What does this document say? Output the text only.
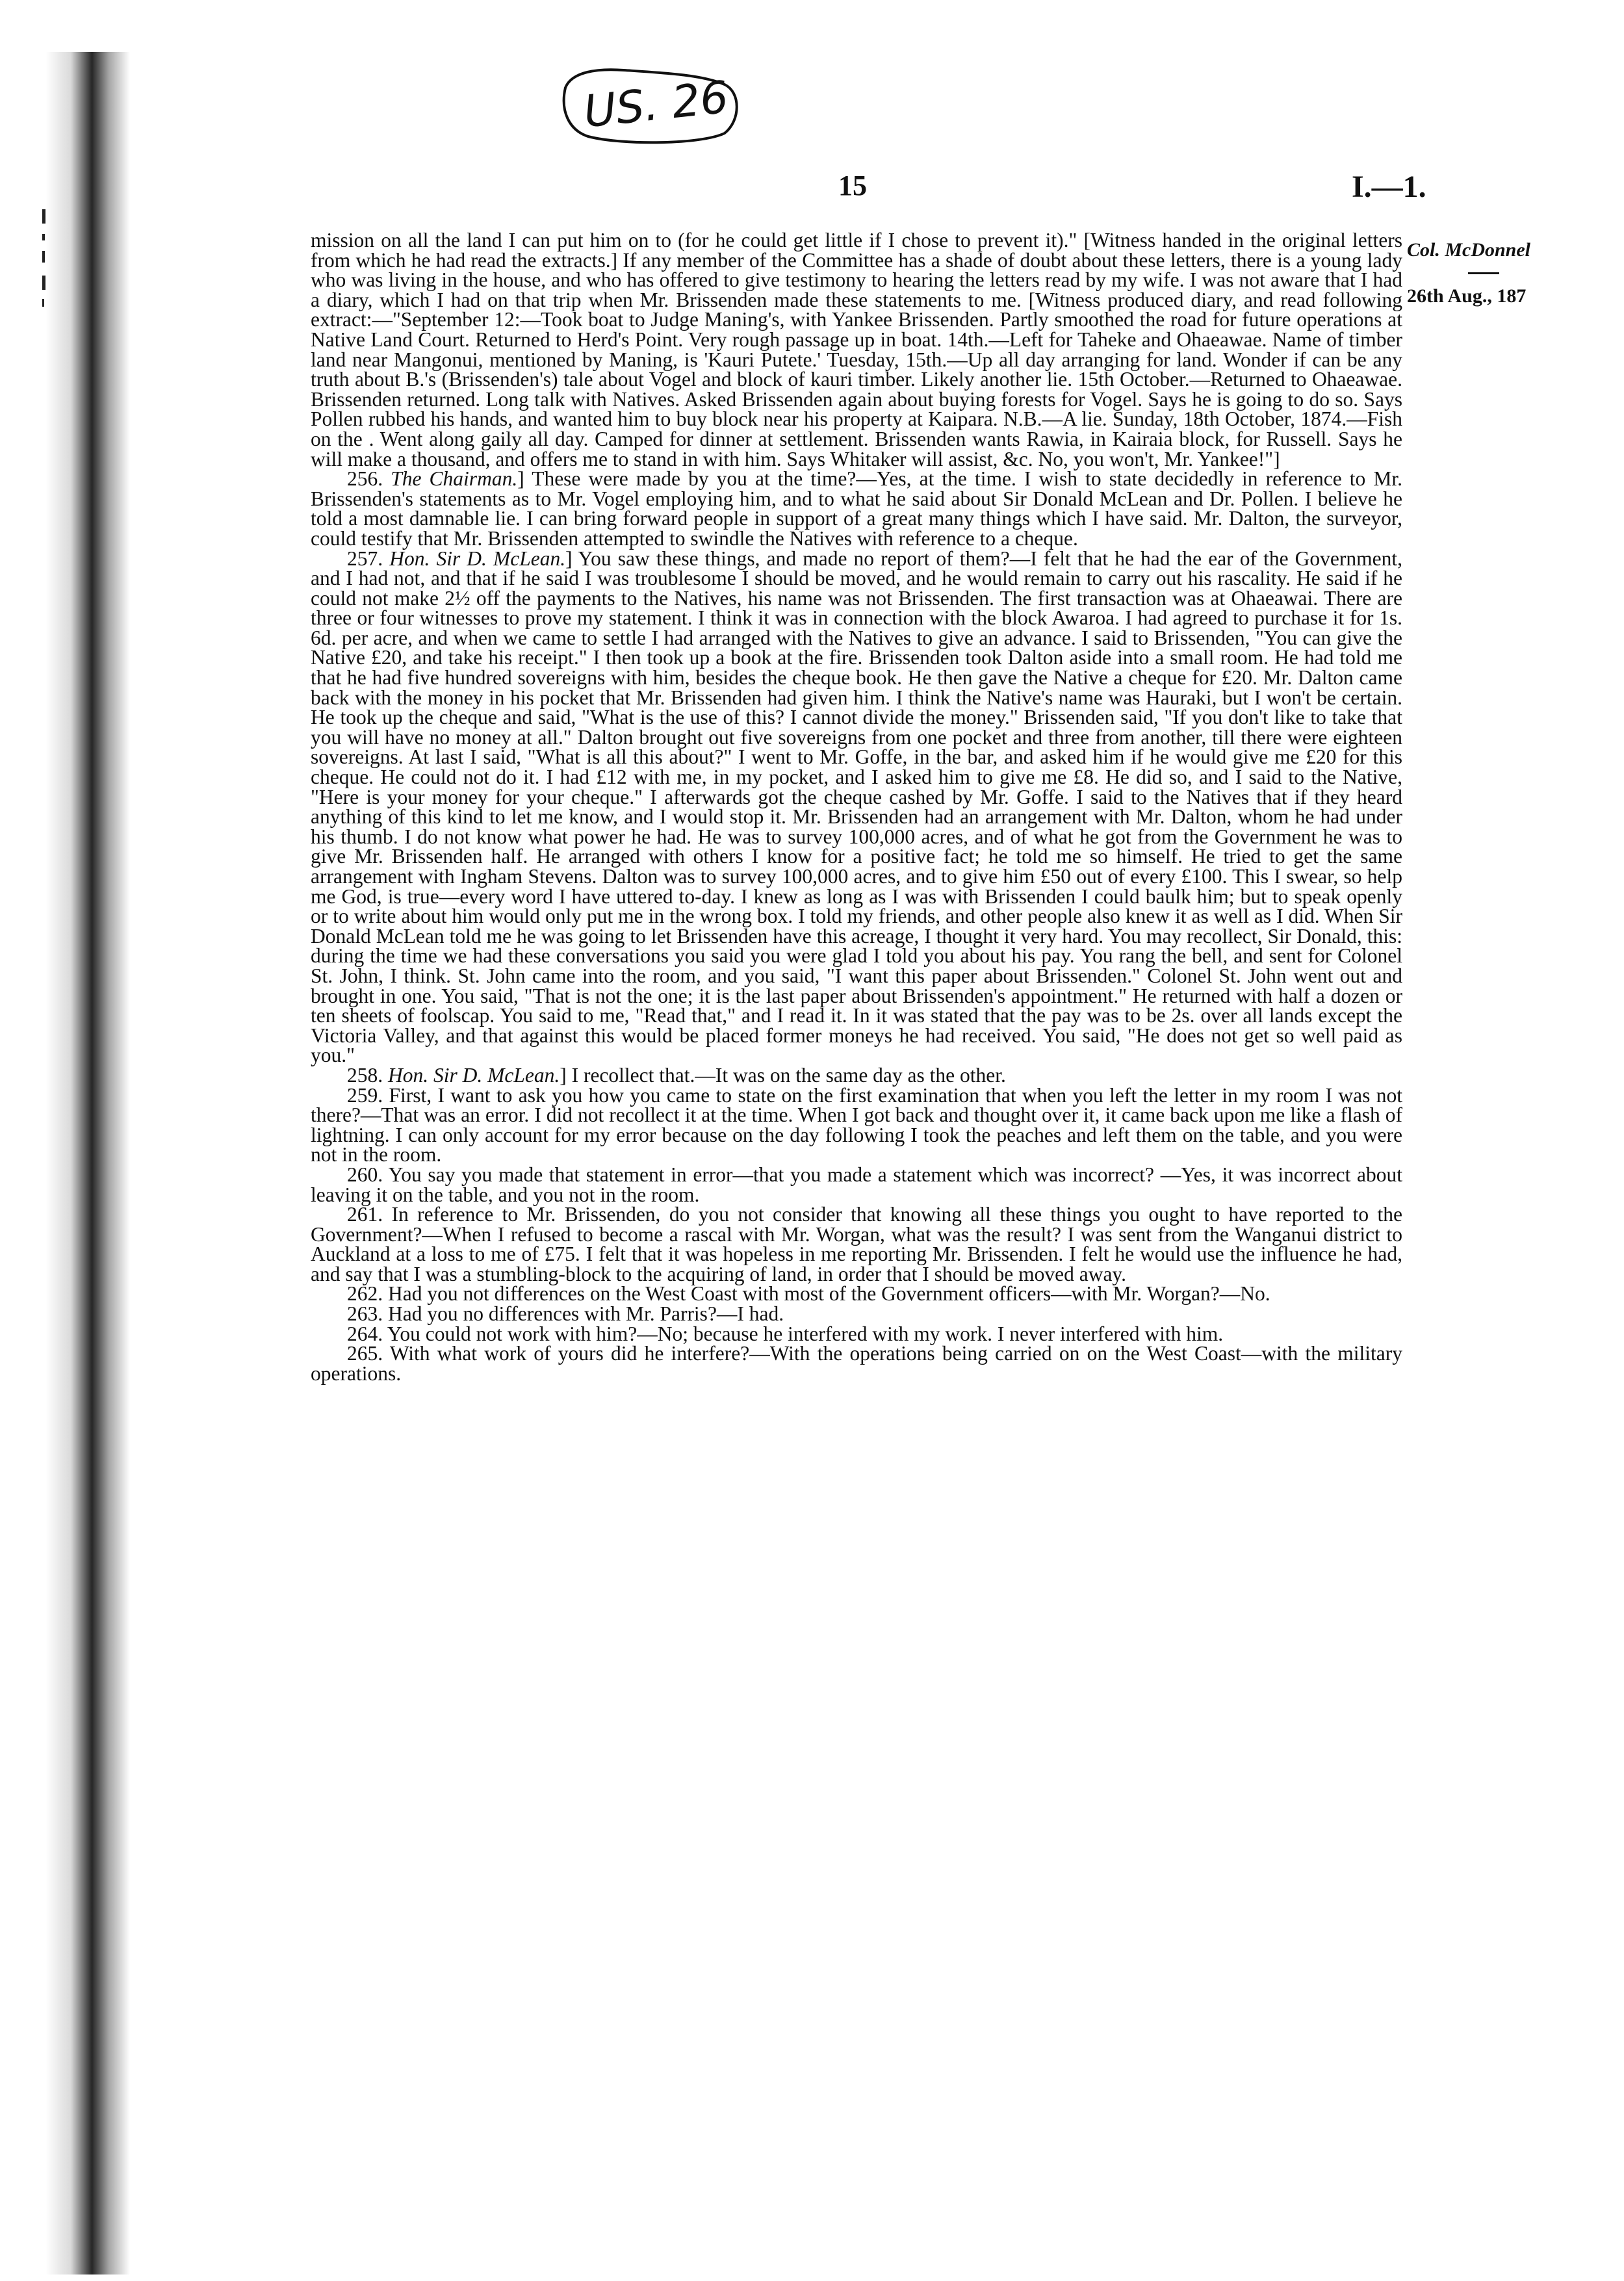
US. 26
15	I.—1.
Col. McDonnel
26th Aug., 187

mission on all the land I can put him on to (for he could get little if I chose to prevent it)." [Witness handed in the original letters from which he had read the extracts.] If any member of the Committee has a shade of doubt about these letters, there is a young lady who was living in the house, and who has offered to give testimony to hearing the letters read by my wife. I was not aware that I had a diary, which I had on that trip when Mr. Brissenden made these statements to me. [Witness produced diary, and read following extract:—"September 12:—Took boat to Judge Maning's, with Yankee Brissenden. Partly smoothed the road for future operations at Native Land Court. Returned to Herd's Point. Very rough passage up in boat. 14th.—Left for Taheke and Ohaeawae. Name of timber land near Mangonui, mentioned by Maning, is 'Kauri Putete.' Tuesday, 15th.—Up all day arranging for land. Wonder if can be any truth about B.'s (Brissenden's) tale about Vogel and block of kauri timber. Likely another lie. 15th October.—Returned to Ohaeawae. Brissenden returned. Long talk with Natives. Asked Brissenden again about buying forests for Vogel. Says he is going to do so. Says Pollen rubbed his hands, and wanted him to buy block near his property at Kaipara. N.B.—A lie. Sunday, 18th October, 1874.—Fish on the . Went along gaily all day. Camped for dinner at settlement. Brissenden wants Rawia, in Kairaia block, for Russell. Says he will make a thousand, and offers me to stand in with him. Says Whitaker will assist, &c. No, you won't, Mr. Yankee!"]

256. The Chairman.] These were made by you at the time?—Yes, at the time. I wish to state decidedly in reference to Mr. Brissenden's statements as to Mr. Vogel employing him, and to what he said about Sir Donald McLean and Dr. Pollen. I believe he told a most damnable lie. I can bring forward people in support of a great many things which I have said. Mr. Dalton, the surveyor, could testify that Mr. Brissenden attempted to swindle the Natives with reference to a cheque.

257. Hon. Sir D. McLean.] You saw these things, and made no report of them?—I felt that he had the ear of the Government, and I had not, and that if he said I was troublesome I should be moved, and he would remain to carry out his rascality. He said if he could not make 2½ off the payments to the Natives, his name was not Brissenden. The first transaction was at Ohaeawai. There are three or four witnesses to prove my statement. I think it was in connection with the block Awaroa. I had agreed to purchase it for 1s. 6d. per acre, and when we came to settle I had arranged with the Natives to give an advance. I said to Brissenden, "You can give the Native £20, and take his receipt." I then took up a book at the fire. Brissenden took Dalton aside into a small room. He had told me that he had five hundred sovereigns with him, besides the cheque book. He then gave the Native a cheque for £20. Mr. Dalton came back with the money in his pocket that Mr. Brissenden had given him. I think the Native's name was Hauraki, but I won't be certain. He took up the cheque and said, "What is the use of this? I cannot divide the money." Brissenden said, "If you don't like to take that you will have no money at all." Dalton brought out five sovereigns from one pocket and three from another, till there were eighteen sovereigns. At last I said, "What is all this about?" I went to Mr. Goffe, in the bar, and asked him if he would give me £20 for this cheque. He could not do it. I had £12 with me, in my pocket, and I asked him to give me £8. He did so, and I said to the Native, "Here is your money for your cheque." I afterwards got the cheque cashed by Mr. Goffe. I said to the Natives that if they heard anything of this kind to let me know, and I would stop it. Mr. Brissenden had an arrangement with Mr. Dalton, whom he had under his thumb. I do not know what power he had. He was to survey 100,000 acres, and of what he got from the Government he was to give Mr. Brissenden half. He arranged with others I know for a positive fact; he told me so himself. He tried to get the same arrangement with Ingham Stevens. Dalton was to survey 100,000 acres, and to give him £50 out of every £100. This I swear, so help me God, is true—every word I have uttered to-day. I knew as long as I was with Brissenden I could baulk him; but to speak openly or to write about him would only put me in the wrong box. I told my friends, and other people also knew it as well as I did. When Sir Donald McLean told me he was going to let Brissenden have this acreage, I thought it very hard. You may recollect, Sir Donald, this: during the time we had these conversations you said you were glad I told you about his pay. You rang the bell, and sent for Colonel St. John, I think. St. John came into the room, and you said, "I want this paper about Brissenden." Colonel St. John went out and brought in one. You said, "That is not the one; it is the last paper about Brissenden's appointment." He returned with half a dozen or ten sheets of foolscap. You said to me, "Read that," and I read it. In it was stated that the pay was to be 2s. over all lands except the Victoria Valley, and that against this would be placed former moneys he had received. You said, "He does not get so well paid as you."

258. Hon. Sir D. McLean.] I recollect that.—It was on the same day as the other.

259. First, I want to ask you how you came to state on the first examination that when you left the letter in my room I was not there?—That was an error. I did not recollect it at the time. When I got back and thought over it, it came back upon me like a flash of lightning. I can only account for my error because on the day following I took the peaches and left them on the table, and you were not in the room.

260. You say you made that statement in error—that you made a statement which was incorrect? —Yes, it was incorrect about leaving it on the table, and you not in the room.

261. In reference to Mr. Brissenden, do you not consider that knowing all these things you ought to have reported to the Government?—When I refused to become a rascal with Mr. Worgan, what was the result? I was sent from the Wanganui district to Auckland at a loss to me of £75. I felt that it was hopeless in me reporting Mr. Brissenden. I felt he would use the influence he had, and say that I was a stumbling-block to the acquiring of land, in order that I should be moved away.

262. Had you not differences on the West Coast with most of the Government officers—with Mr. Worgan?—No.

263. Had you no differences with Mr. Parris?—I had.

264. You could not work with him?—No; because he interfered with my work. I never interfered with him.

265. With what work of yours did he interfere?—With the operations being carried on on the West Coast—with the military operations.
